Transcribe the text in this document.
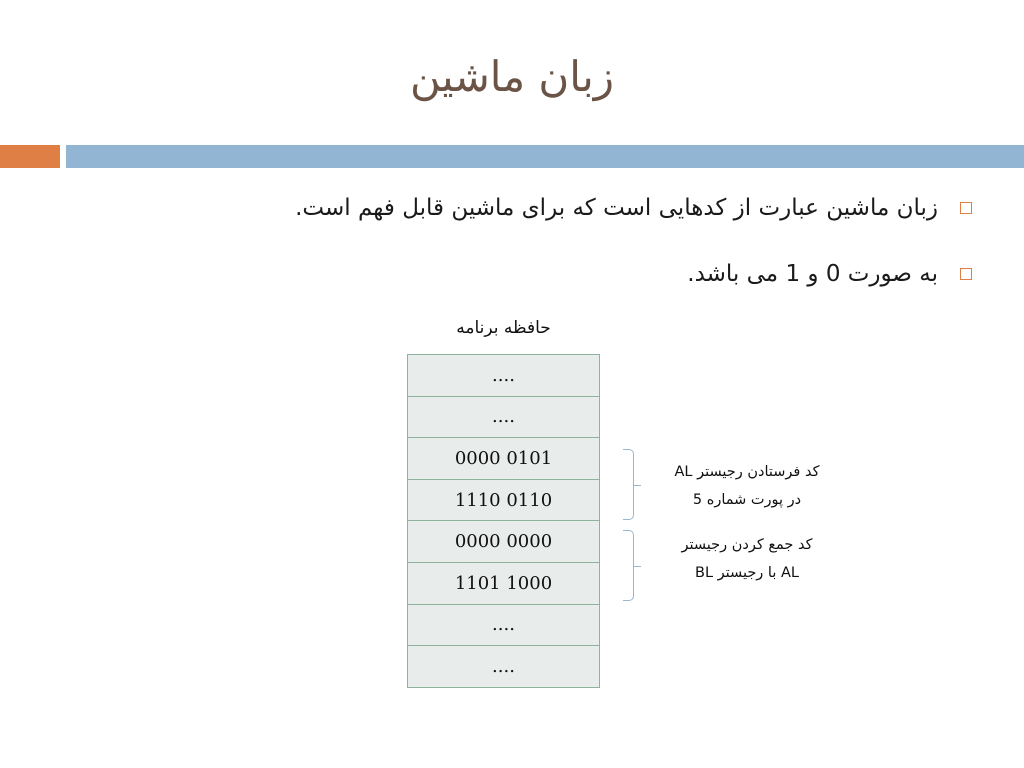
زبان ماشین
زبان ماشین عبارت از کدهایی است که برای ماشین قابل فهم است.
به صورت 0 و 1 می باشد.
حافظه برنامه
....
....
0000 0101
1110 0110
0000 0000
1101 1000
....
....
کد فرستادن رجیستر AL
در پورت شماره 5
کد جمع کردن رجیستر
AL با رجیستر BL
